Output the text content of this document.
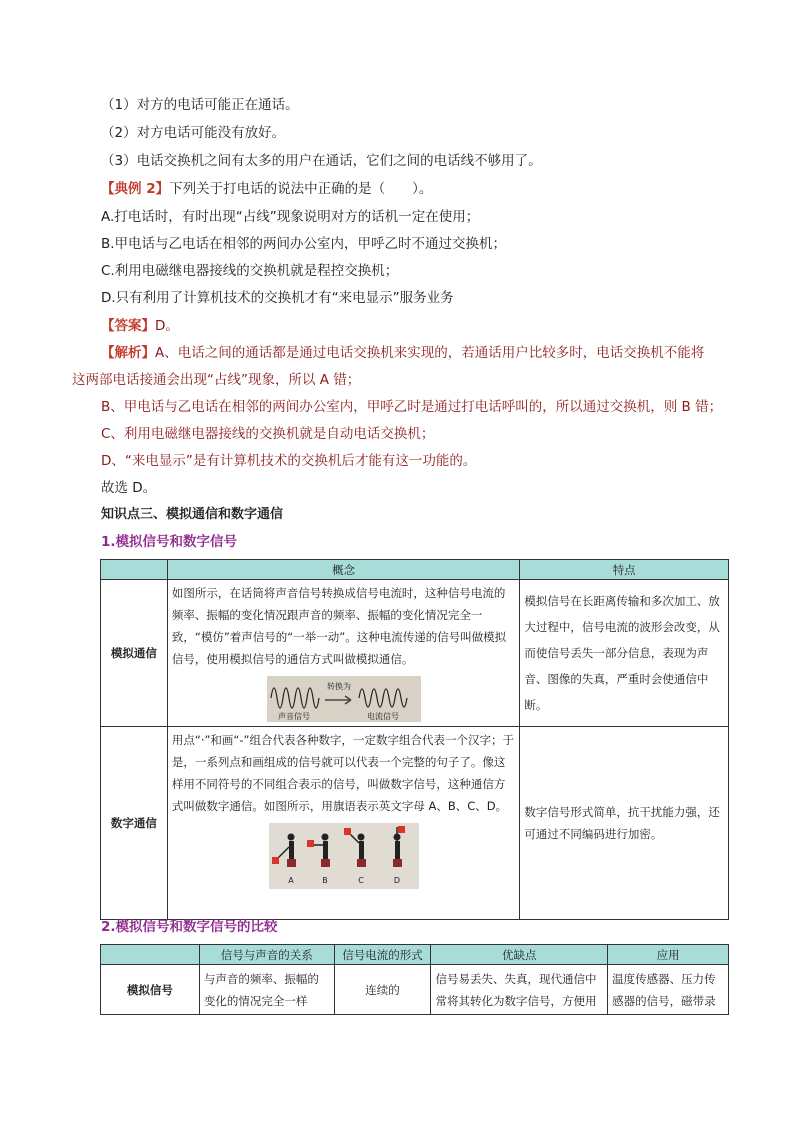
（1）对方的电话可能正在通话。
（2）对方电话可能没有放好。
（3）电话交换机之间有太多的用户在通话，它们之间的电话线不够用了。
【典例 2】下列关于打电话的说法中正确的是（　　）。
A.打电话时，有时出现“占线”现象说明对方的话机一定在使用；
B.甲电话与乙电话在相邻的两间办公室内，甲呼乙时不通过交换机；
C.利用电磁继电器接线的交换机就是程控交换机；
D.只有利用了计算机技术的交换机才有“来电显示”服务业务
【答案】D。
【解析】A、电话之间的通话都是通过电话交换机来实现的，若通话用户比较多时，电话交换机不能将
这两部电话接通会出现“占线”现象，所以 A 错；
B、甲电话与乙电话在相邻的两间办公室内，甲呼乙时是通过打电话呼叫的，所以通过交换机，则 B 错；
C、利用电磁继电器接线的交换机就是自动电话交换机；
D、“来电显示”是有计算机技术的交换机后才能有这一功能的。
故选 D。
知识点三、模拟通信和数字通信
1.模拟信号和数字信号
	概念	特点
模拟通信	如图所示，在话筒将声音信号转换成信号电流时，这种信号电流的频率、振幅的变化情况跟声音的频率、振幅的变化情况完全一致，“模仿”着声信号的“一举一动”。这种电流传递的信号叫做模拟信号，使用模拟信号的通信方式叫做模拟通信。
转换为
声音信号 电流信号	模拟信号在长距离传输和多次加工、放大过程中，信号电流的波形会改变，从而使信号丢失一部分信息，表现为声音、图像的失真，严重时会使通信中断。

数字通信	用点“·”和画“-”组合代表各种数字，一定数字组合代表一个汉字；于是，一系列点和画组成的信号就可以代表一个完整的句子了。像这样用不同符号的不同组合表示的信号，叫做数字信号，这种通信方式叫做数字通信。如图所示，用旗语表示英文字母 A、B、C、D。
A B C D	数字信号形式简单，抗干扰能力强，还可通过不同编码进行加密。
2.模拟信号和数字信号的比较
	信号与声音的关系	信号电流的形式	优缺点	应用
模拟信号	与声音的频率、振幅的变化的情况完全一样	连续的	信号易丢失、失真，现代通信中常将其转化为数字信号，方便用	温度传感器、压力传感器的信号，磁带录
